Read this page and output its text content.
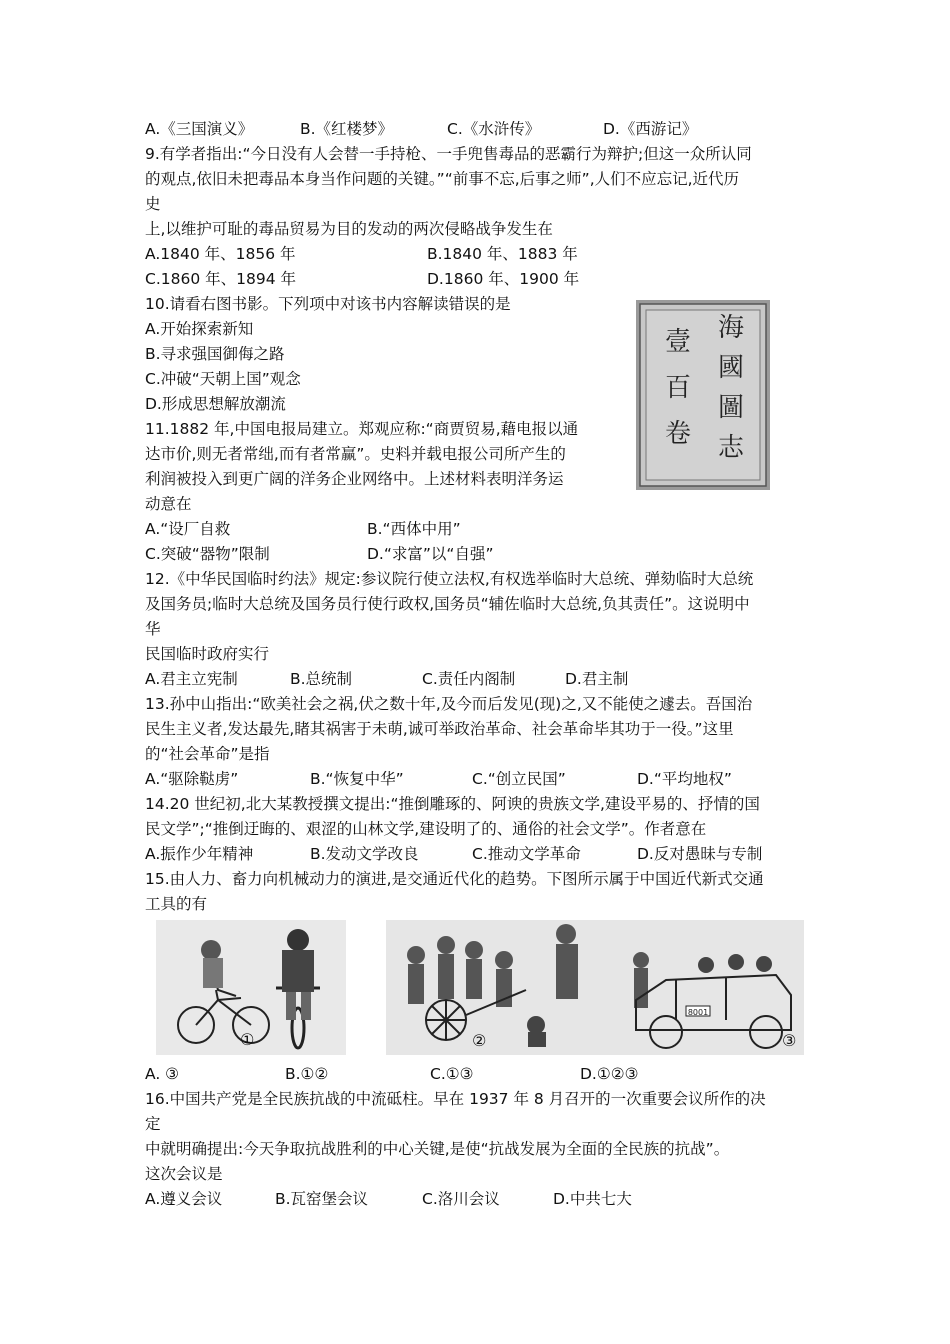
A.《三国演义》	B.《红楼梦》	C.《水浒传》	D.《西游记》
9.有学者指出:“今日没有人会替一手持枪、一手兜售毒品的恶霸行为辩护;但这一众所认同
的观点,依旧未把毒品本身当作问题的关键。”“前事不忘,后事之师”,人们不应忘记,近代历
史
上,以维护可耻的毒品贸易为目的发动的两次侵略战争发生在
A.1840 年、1856 年	B.1840 年、1883 年
C.1860 年、1894 年	D.1860 年、1900 年
10.请看右图书影。下列项中对该书内容解读错误的是
A.开始探索新知
B.寻求强国御侮之路
C.冲破“天朝上国”观念
D.形成思想解放潮流
海
國
圖
志
壹
百
卷
11.1882 年,中国电报局建立。郑观应称:“商贾贸易,藉电报以通
达市价,则无者常绌,而有者常赢”。史料并载电报公司所产生的
利润被投入到更广阔的洋务企业网络中。上述材料表明洋务运
动意在
A.“设厂自救	B.“西体中用”
C.突破“器物”限制	D.“求富”以“自强”
12.《中华民国临时约法》规定:参议院行使立法权,有权选举临时大总统、弹劾临时大总统
及国务员;临时大总统及国务员行使行政权,国务员“辅佐临时大总统,负其责任”。这说明中
华
民国临时政府实行
A.君主立宪制	B.总统制	C.责任内阁制	D.君主制
13.孙中山指出:“欧美社会之祸,伏之数十年,及今而后发见(现)之,又不能使之遽去。吾国治
民生主义者,发达最先,睹其祸害于未萌,诚可举政治革命、社会革命毕其功于一役。”这里
的“社会革命”是指
A.“驱除鞑虏”	B.“恢复中华”	C.“创立民国”	D.“平均地权”
14.20 世纪初,北大某教授撰文提出:“推倒雕琢的、阿谀的贵族文学,建设平易的、抒情的国
民文学”;“推倒迂晦的、艰涩的山林文学,建设明了的、通俗的社会文学”。作者意在
A.振作少年精神	B.发动文学改良	C.推动文学革命	D.反对愚昧与专制
15.由人力、畜力向机械动力的演进,是交通近代化的趋势。下图所示属于中国近代新式交通
工具的有
①
8001
②	③
A. ③	B.①②	C.①③	D.①②③
16.中国共产党是全民族抗战的中流砥柱。早在 1937 年 8 月召开的一次重要会议所作的决
定
中就明确提出:今天争取抗战胜利的中心关键,是使“抗战发展为全面的全民族的抗战”。
这次会议是
A.遵义会议	B.瓦窑堡会议	C.洛川会议	D.中共七大
